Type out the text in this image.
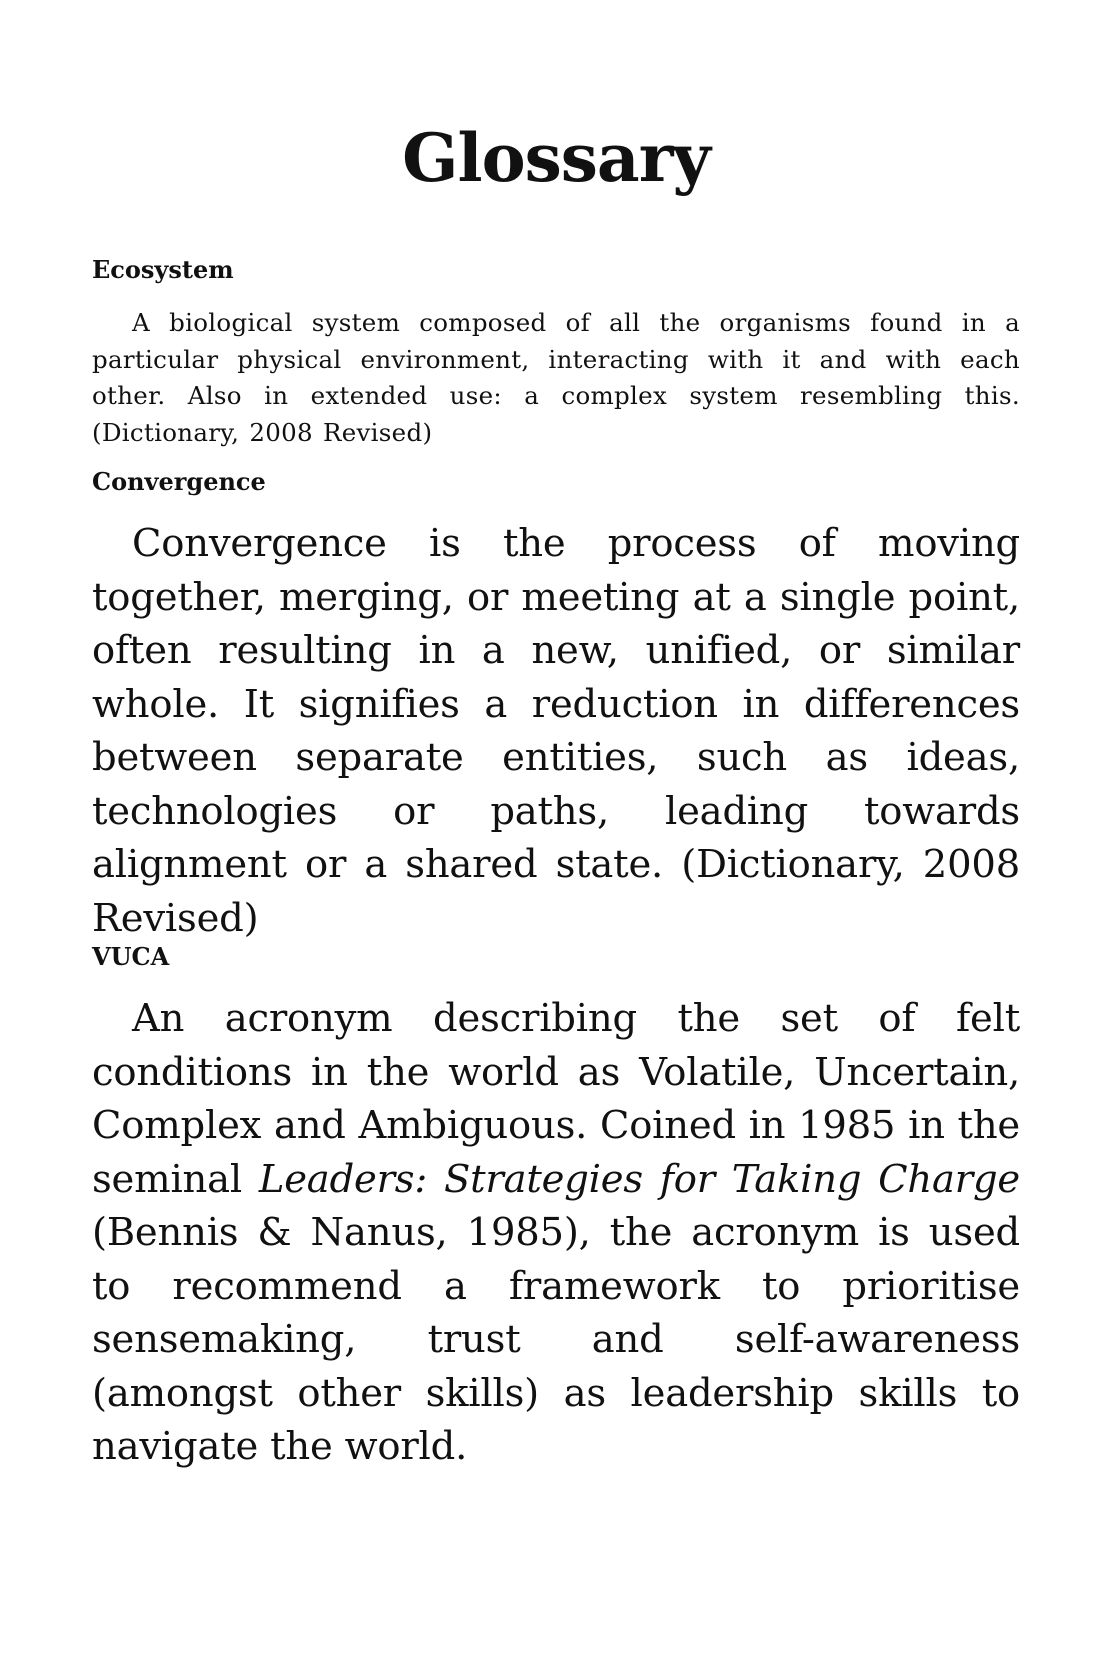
Glossary
Ecosystem

A biological system composed of all the organisms found in a particular physical environment, interacting with it and with each other. Also in extended use: a complex system resembling this. (Dictionary, 2008 Revised)

Convergence

Convergence is the process of moving together, merging, or meeting at a single point, often resulting in a new, unified, or similar whole. It signifies a reduction in differences between separate entities, such as ideas, technologies or paths, leading towards alignment or a shared state. (Dictionary, 2008 Revised)

VUCA

An acronym describing the set of felt conditions in the world as Volatile, Uncertain, Complex and Ambiguous. Coined in 1985 in the seminal Leaders: Strategies for Taking Charge (Bennis & Nanus, 1985), the acronym is used to recommend a framework to prioritise sensemaking, trust and self-awareness (amongst other skills) as leadership skills to navigate the world.
